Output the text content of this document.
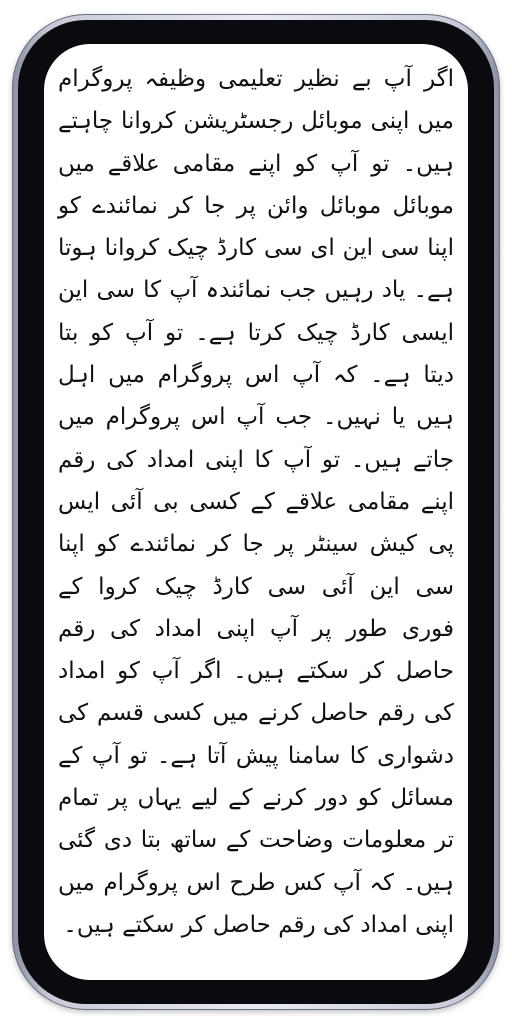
اگر آپ بے نظیر تعلیمی وظیفہ پروگرام میں اپنی موبائل رجسٹریشن کروانا چاہتے ہیں۔ تو آپ کو اپنے مقامی علاقے میں موبائل موبائل وائن پر جا کر نمائندے کو اپنا سی این ای سی کارڈ چیک کروانا ہوتا ہے۔ یاد رہیں جب نمائندہ آپ کا سی این ایسی کارڈ چیک کرتا ہے۔ تو آپ کو بتا دیتا ہے۔ کہ آپ اس پروگرام میں اہل ہیں یا نہیں۔ جب آپ اس پروگرام میں جاتے ہیں۔ تو آپ کا اپنی امداد کی رقم اپنے مقامی علاقے کے کسی بی آئی ایس پی کیش سینٹر پر جا کر نمائندے کو اپنا سی این آئی سی کارڈ چیک کروا کے فوری طور پر آپ اپنی امداد کی رقم حاصل کر سکتے ہیں۔ اگر آپ کو امداد کی رقم حاصل کرنے میں کسی قسم کی دشواری کا سامنا پیش آتا ہے۔ تو آپ کے مسائل کو دور کرنے کے لیے یہاں پر تمام تر معلومات وضاحت کے ساتھ بتا دی گئی ہیں۔ کہ آپ کس طرح اس پروگرام میں اپنی امداد کی رقم حاصل کر سکتے ہیں۔
